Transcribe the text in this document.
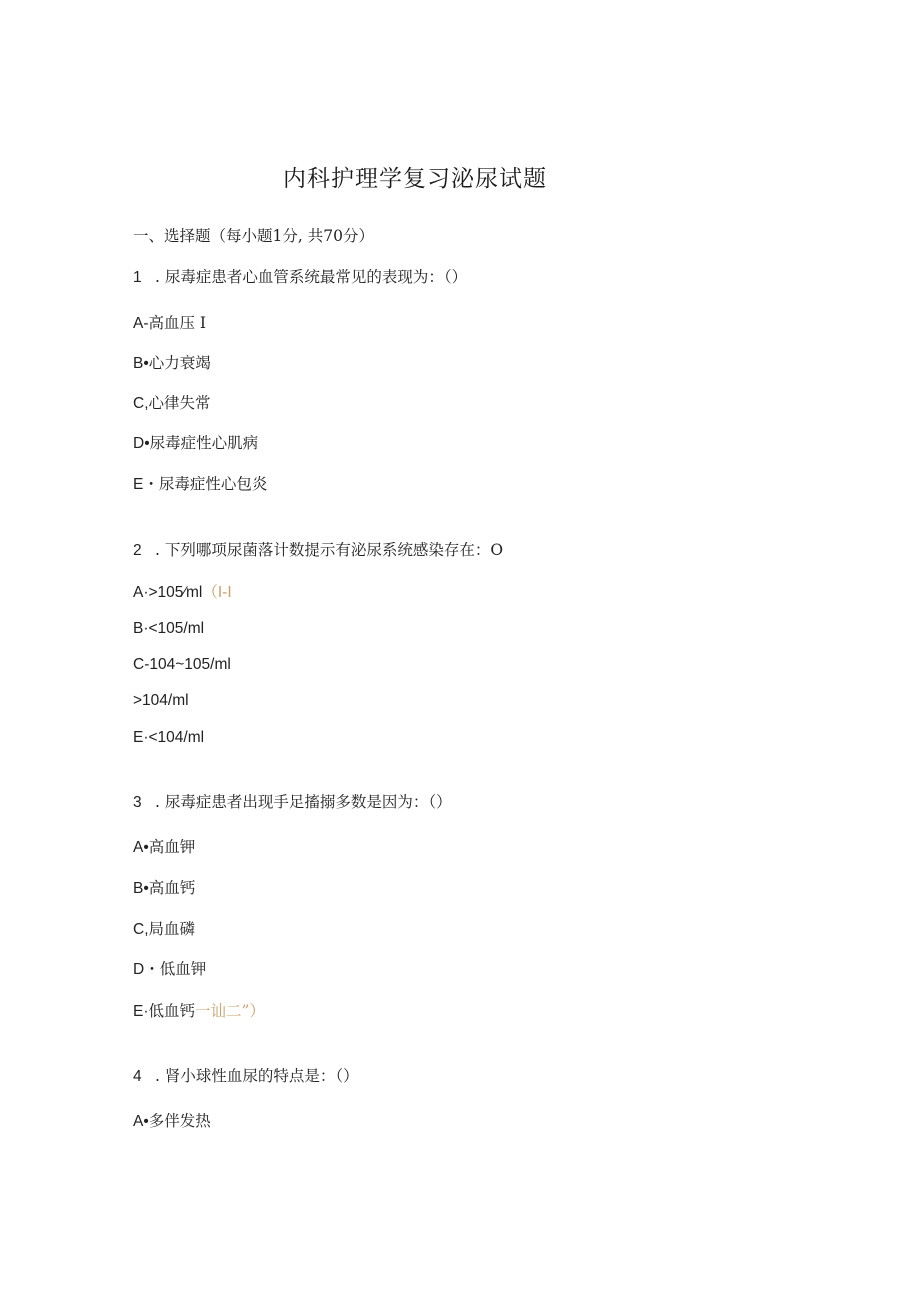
内科护理学复习泌尿试题
一、选择题（每小题1分, 共70分）
1 . 尿毒症患者心血管系统最常见的表现为：（）
A-高血压 I
B•心力衰竭
C,心律失常
D•尿毒症性心肌病
E・尿毒症性心包炎
2 . 下列哪项尿菌落计数提示有泌尿系统感染存在：O
A·>105∕ml（I-I
B·<105/ml
C-104~105/ml
>104/ml
E·<104/ml
3 . 尿毒症患者出现手足搐搦多数是因为：（）
A•高血钾
B•高血钙
C,局血磷
D・低血钾
E·低血钙一讪二”）
4 . 肾小球性血尿的特点是：（）
A•多伴发热
